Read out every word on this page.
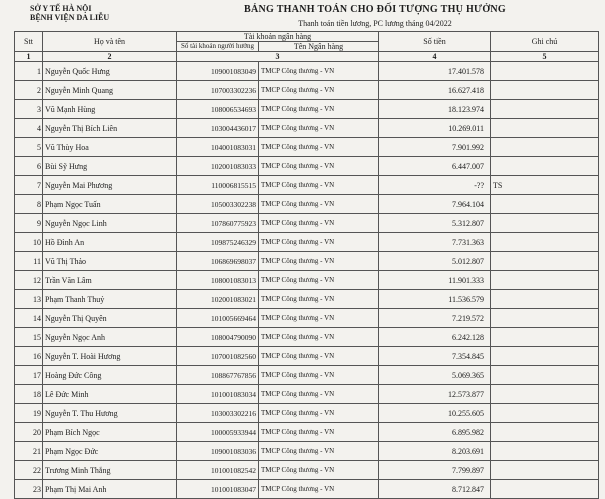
SỞ Y TẾ HÀ NỘI
BỆNH VIỆN DA LIỄU
BẢNG THANH TOÁN CHO ĐỐI TƯỢNG THỤ HƯỞNG
Thanh toán tiền lương, PC lương tháng 04/2022
Stt	Họ và tên	Tài khoản ngân hàng		Số tiền	Ghi chú
		Số tài khoản người hưởng	Tên Ngân hàng		
1	2	3		4	5
1	Nguyễn Quốc Hưng	109001083049	TMCP Công thương - VN	17.401.578	
2	Nguyễn Minh Quang	107003302236	TMCP Công thương - VN	16.627.418	
3	Vũ Mạnh Hùng	108006534693	TMCP Công thương - VN	18.123.974	
4	Nguyễn Thị Bích Liên	103004436017	TMCP Công thương - VN	10.269.011	
5	Vũ Thùy Hoa	104001083031	TMCP Công thương - VN	7.901.992	
6	Bùi Sỹ Hưng	102001083033	TMCP Công thương - VN	6.447.007	
7	Nguyễn Mai Phương	110006815515	TMCP Công thương - VN	-??	TS
8	Phạm Ngọc Tuấn	105003302238	TMCP Công thương - VN	7.964.104	
9	Nguyễn Ngọc Linh	107860775923	TMCP Công thương - VN	5.312.807	
10	Hồ Đình An	109875246329	TMCP Công thương - VN	7.731.363	
11	Vũ Thị Thảo	106869698037	TMCP Công thương - VN	5.012.807	
12	Trần Văn Lâm	108001083013	TMCP Công thương - VN	11.901.333	
13	Phạm Thanh Thuỷ	102001083021	TMCP Công thương - VN	11.536.579	
14	Nguyễn Thị Quyên	101005669464	TMCP Công thương - VN	7.219.572	
15	Nguyễn Ngọc Anh	108004790090	TMCP Công thương - VN	6.242.128	
16	Nguyễn T. Hoài Hương	107001082560	TMCP Công thương - VN	7.354.845	
17	Hoàng Đức Công	108867767856	TMCP Công thương - VN	5.069.365	
18	Lê Đức Minh	101001083034	TMCP Công thương - VN	12.573.877	
19	Nguyễn T. Thu Hương	103003302216	TMCP Công thương - VN	10.255.605	
20	Phạm Bích Ngọc	100005933944	TMCP Công thương - VN	6.895.982	
21	Phạm Ngọc Đức	109001083036	TMCP Công thương - VN	8.203.691	
22	Trương Minh Thắng	101001082542	TMCP Công thương - VN	7.799.897	
23	Phạm Thị Mai Anh	101001083047	TMCP Công thương - VN	8.712.847	
